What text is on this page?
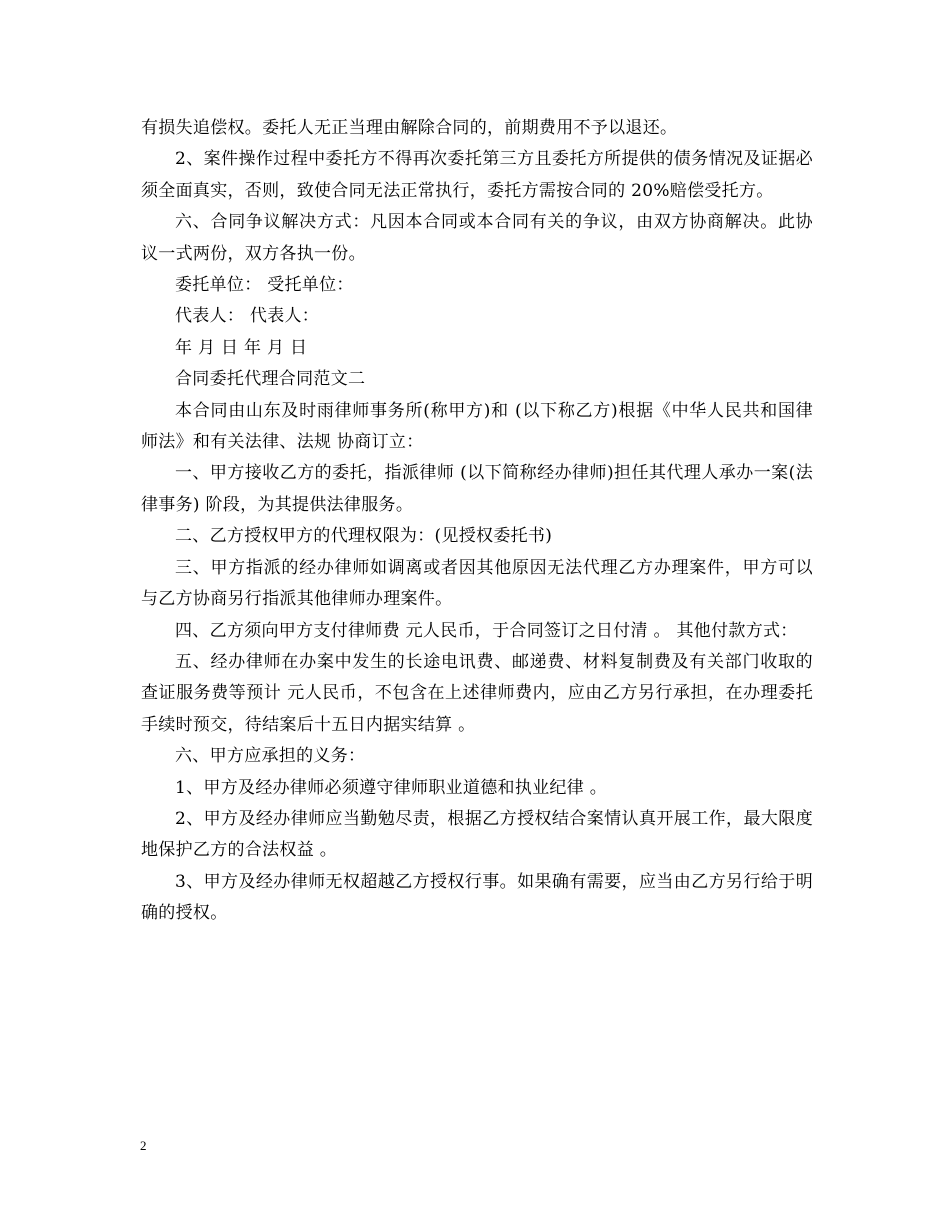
有损失追偿权。委托人无正当理由解除合同的，前期费用不予以退还。

2、案件操作过程中委托方不得再次委托第三方且委托方所提供的债务情况及证据必须全面真实，否则，致使合同无法正常执行，委托方需按合同的 20%赔偿受托方。

六、合同争议解决方式：凡因本合同或本合同有关的争议，由双方协商解决。此协议一式两份，双方各执一份。

委托单位： 受托单位：

代表人： 代表人：

年 月 日 年 月 日

合同委托代理合同范文二

本合同由山东及时雨律师事务所(称甲方)和 (以下称乙方)根据《中华人民共和国律师法》和有关法律、法规 协商订立：

一、甲方接收乙方的委托，指派律师 (以下简称经办律师)担任其代理人承办一案(法律事务) 阶段，为其提供法律服务。

二、乙方授权甲方的代理权限为：(见授权委托书)

三、甲方指派的经办律师如调离或者因其他原因无法代理乙方办理案件，甲方可以与乙方协商另行指派其他律师办理案件。

四、乙方须向甲方支付律师费 元人民币，于合同签订之日付清 。 其他付款方式：

五、经办律师在办案中发生的长途电讯费、邮递费、材料复制费及有关部门收取的查证服务费等预计 元人民币，不包含在上述律师费内，应由乙方另行承担，在办理委托手续时预交，待结案后十五日内据实结算 。

六、甲方应承担的义务：

1、甲方及经办律师必须遵守律师职业道德和执业纪律 。

2、甲方及经办律师应当勤勉尽责，根据乙方授权结合案情认真开展工作，最大限度地保护乙方的合法权益 。

3、甲方及经办律师无权超越乙方授权行事。如果确有需要，应当由乙方另行给于明确的授权。

2
